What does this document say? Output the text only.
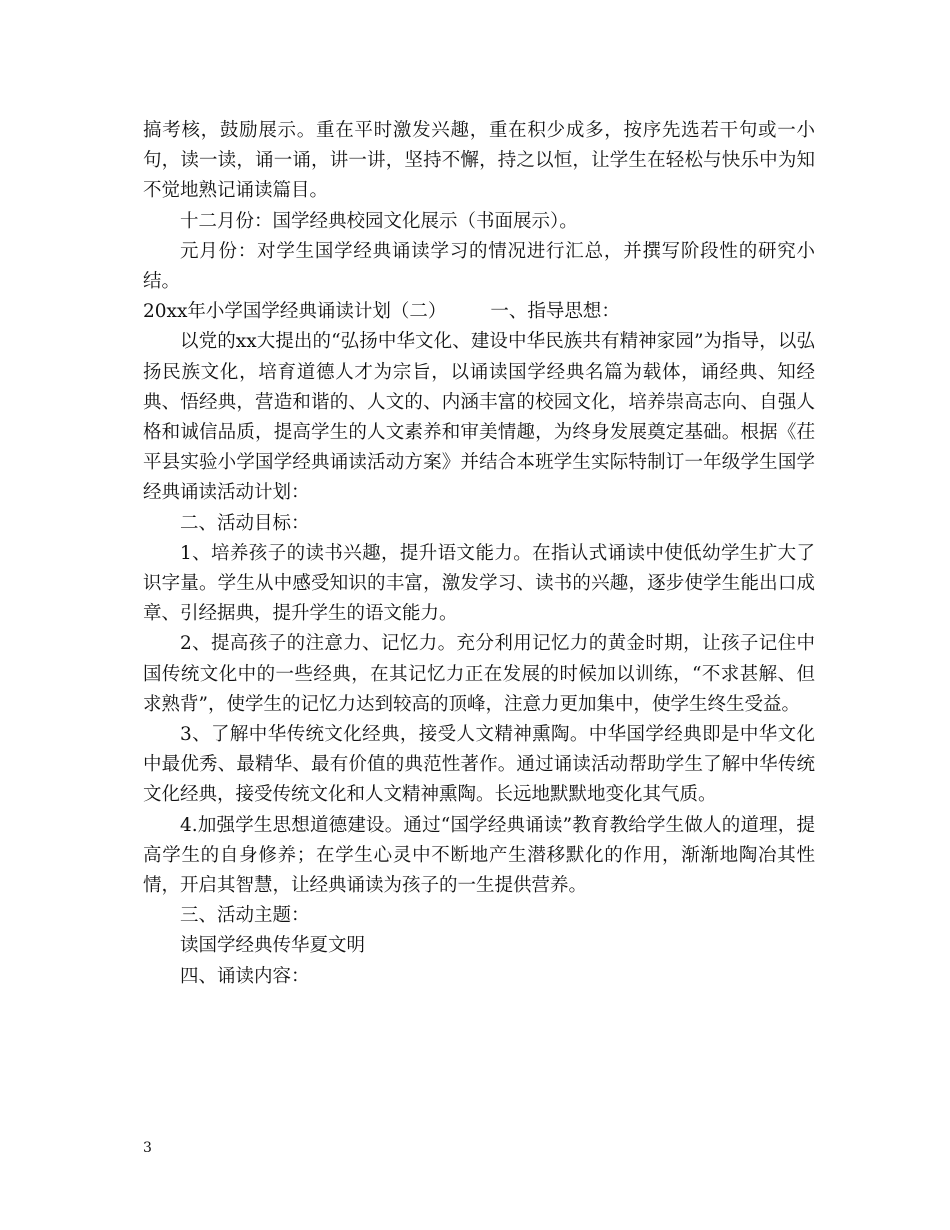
搞考核，鼓励展示。重在平时激发兴趣，重在积少成多，按序先选若干句或一小句，读一读，诵一诵，讲一讲，坚持不懈，持之以恒，让学生在轻松与快乐中为知不觉地熟记诵读篇目。

十二月份：国学经典校园文化展示（书面展示）。

元月份：对学生国学经典诵读学习的情况进行汇总，并撰写阶段性的研究小结。

20xx年小学国学经典诵读计划（二） 一、指导思想：

以党的xx大提出的“弘扬中华文化、建设中华民族共有精神家园”为指导，以弘扬民族文化，培育道德人才为宗旨，以诵读国学经典名篇为载体，诵经典、知经典、悟经典，营造和谐的、人文的、内涵丰富的校园文化，培养崇高志向、自强人格和诚信品质，提高学生的人文素养和审美情趣，为终身发展奠定基础。根据《茌平县实验小学国学经典诵读活动方案》并结合本班学生实际特制订一年级学生国学经典诵读活动计划：

二、活动目标：

1、培养孩子的读书兴趣，提升语文能力。在指认式诵读中使低幼学生扩大了识字量。学生从中感受知识的丰富，激发学习、读书的兴趣，逐步使学生能出口成章、引经据典，提升学生的语文能力。

2、提高孩子的注意力、记忆力。充分利用记忆力的黄金时期，让孩子记住中国传统文化中的一些经典，在其记忆力正在发展的时候加以训练，“不求甚解、但求熟背”，使学生的记忆力达到较高的顶峰，注意力更加集中，使学生终生受益。

3、了解中华传统文化经典，接受人文精神熏陶。中华国学经典即是中华文化中最优秀、最精华、最有价值的典范性著作。通过诵读活动帮助学生了解中华传统文化经典，接受传统文化和人文精神熏陶。长远地默默地变化其气质。

4.加强学生思想道德建设。通过“国学经典诵读”教育教给学生做人的道理，提高学生的自身修养；在学生心灵中不断地产生潜移默化的作用，渐渐地陶冶其性情，开启其智慧，让经典诵读为孩子的一生提供营养。

三、活动主题：

读国学经典传华夏文明

四、诵读内容：

3
